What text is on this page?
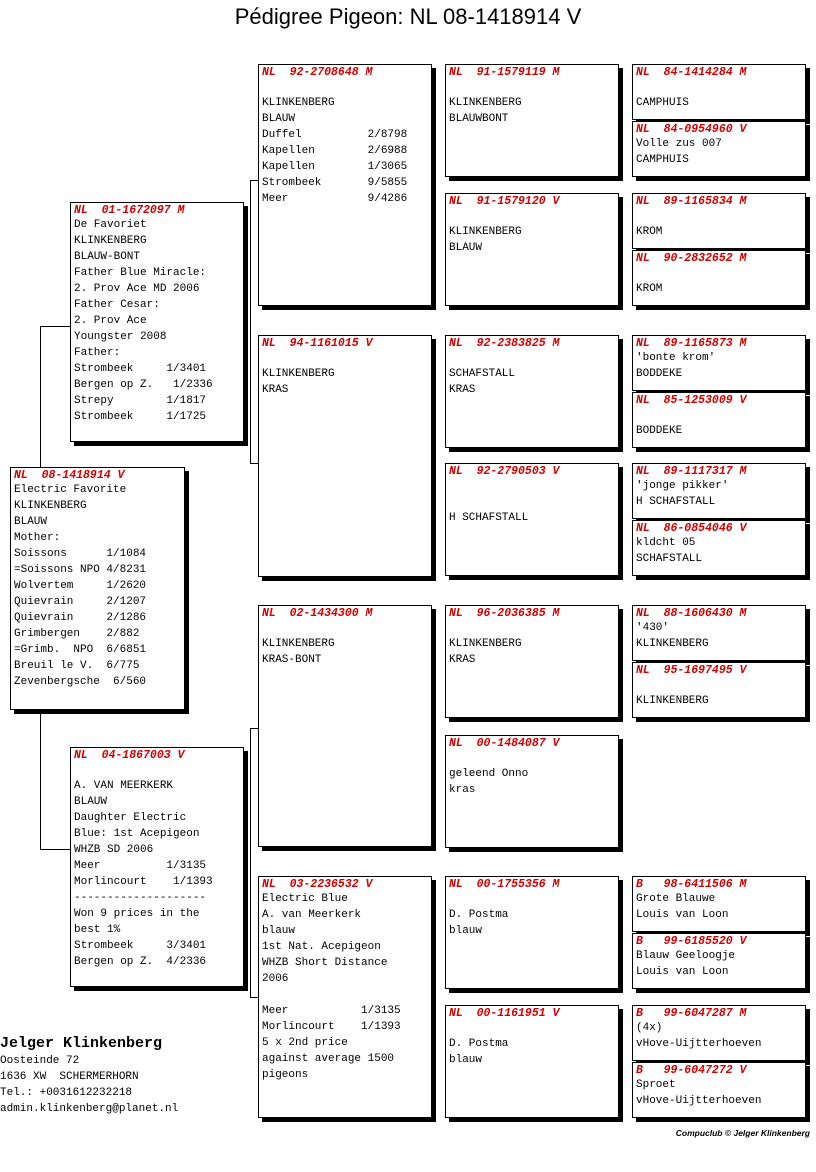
Pédigree Pigeon: NL 08-1418914 V
NL  08-1418914 V
Electric Favorite
KLINKENBERG
BLAUW
Mother:
Soissons      1/1084
=Soissons NPO 4/8231
Wolvertem     1/2620
Quievrain     2/1207
Quievrain     2/1286
Grimbergen    2/882
=Grimb.  NPO  6/6851
Breuil le V.  6/775
Zevenbergsche  6/560
NL  01-1672097 M
De Favoriet
KLINKENBERG
BLAUW-BONT
Father Blue Miracle:
2. Prov Ace MD 2006
Father Cesar:
2. Prov Ace
Youngster 2008
Father:
Strombeek     1/3401
Bergen op Z.   1/2336
Strepy        1/1817
Strombeek     1/1725
NL  04-1867003 V
A. VAN MEERKERK
BLAUW
Daughter Electric
Blue: 1st Acepigeon
WHZB SD 2006
Meer          1/3135
Morlincourt    1/1393
--------------------
Won 9 prices in the
best 1%
Strombeek     3/3401
Bergen op Z.  4/2336
NL  92-2708648 M
KLINKENBERG
BLAUW
Duffel          2/8798
Kapellen        2/6988
Kapellen        1/3065
Strombeek       9/5855
Meer            9/4286
NL  94-1161015 V
KLINKENBERG
KRAS
NL  02-1434300 M
KLINKENBERG
KRAS-BONT
NL  03-2236532 V
Electric Blue
A. van Meerkerk
blauw
1st Nat. Acepigeon
WHZB Short Distance
2006
Meer           1/3135
Morlincourt    1/1393
5 x 2nd price
against average 1500
pigeons
NL  91-1579119 M
KLINKENBERG
BLAUWBONT
NL  91-1579120 V
KLINKENBERG
BLAUW
NL  92-2383825 M
SCHAFSTALL
KRAS
NL  92-2790503 V
H SCHAFSTALL
NL  96-2036385 M
KLINKENBERG
KRAS
NL  00-1484087 V
geleend Onno
kras
NL  00-1755356 M
D. Postma
blauw
NL  00-1161951 V
D. Postma
blauw
NL  84-1414284 M
CAMPHUIS
NL  84-0954960 V
Volle zus 007
CAMPHUIS
NL  89-1165834 M
KROM
NL  90-2832652 M
KROM
NL  89-1165873 M
'bonte krom'
BODDEKE
NL  85-1253009 V
BODDEKE
NL  89-1117317 M
'jonge pikker'
H SCHAFSTALL
NL  86-0854046 V
kldcht 05
SCHAFSTALL
NL  88-1606430 M
'430'
KLINKENBERG
NL  95-1697495 V
KLINKENBERG
B   98-6411506 M
Grote Blauwe
Louis van Loon
B   99-6185520 V
Blauw Geeloogje
Louis van Loon
B   99-6047287 M
(4x)
vHove-Uijtterhoeven
B   99-6047272 V
Sproet
vHove-Uijtterhoeven
Jelger Klinkenberg
Oosteinde 72
1636 XW  SCHERMERHORN
Tel.: +0031612232218
admin.klinkenberg@planet.nl
Compuclub © Jelger Klinkenberg
